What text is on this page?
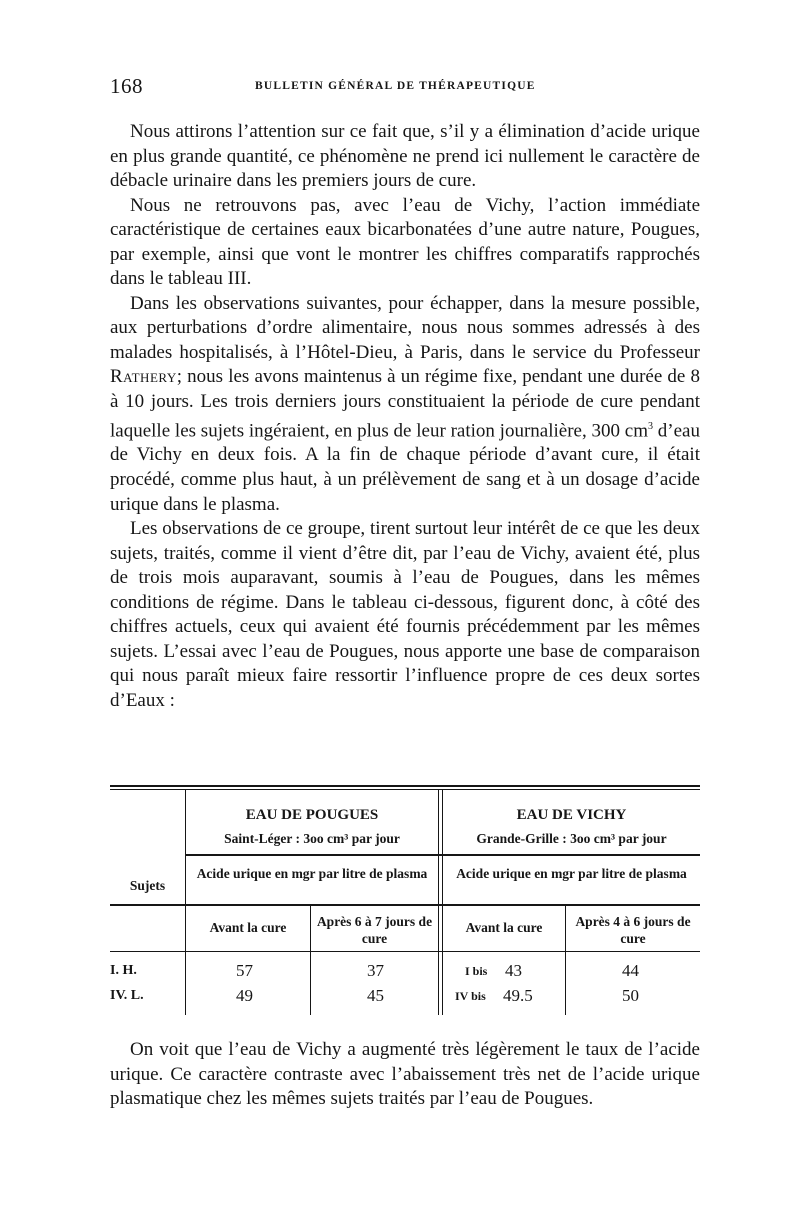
168	BULLETIN GÉNÉRAL DE THÉRAPEUTIQUE

Nous attirons l’attention sur ce fait que, s’il y a élimination d’acide urique en plus grande quantité, ce phénomène ne prend ici nullement le caractère de débacle urinaire dans les premiers jours de cure.

Nous ne retrouvons pas, avec l’eau de Vichy, l’action immédiate caractéristique de certaines eaux bicarbonatées d’une autre nature, Pougues, par exemple, ainsi que vont le montrer les chiffres comparatifs rapprochés dans le tableau III.

Dans les observations suivantes, pour échapper, dans la mesure possible, aux perturbations d’ordre alimentaire, nous nous sommes adressés à des malades hospitalisés, à l’Hôtel-Dieu, à Paris, dans le service du Professeur Rathery; nous les avons maintenus à un régime fixe, pendant une durée de 8 à 10 jours. Les trois derniers jours constituaient la période de cure pendant laquelle les sujets ingéraient, en plus de leur ration journalière, 300 $cm^3$ d’eau de Vichy en deux fois. A la fin de chaque période d’avant cure, il était procédé, comme plus haut, à un prélèvement de sang et à un dosage d’acide urique dans le plasma.

Les observations de ce groupe, tirent surtout leur intérêt de ce que les deux sujets, traités, comme il vient d’être dit, par l’eau de Vichy, avaient été, plus de trois mois auparavant, soumis à l’eau de Pougues, dans les mêmes conditions de régime. Dans le tableau ci-dessous, figurent donc, à côté des chiffres actuels, ceux qui avaient été fournis précédemment par les mêmes sujets. L’essai avec l’eau de Pougues, nous apporte une base de comparaison qui nous paraît mieux faire ressortir l’influence propre de ces deux sortes d’Eaux :

Sujets
EAU DE POUGUES
Saint-Léger : 3oo cm³ par jour
Acide urique en mgr par litre de plasma
Avant la cure	Après 6 à 7 jours de cure
EAU DE VICHY
Grande-Grille : 3oo cm³ par jour
Acide urique en mgr par litre de plasma
Avant la cure	Après 4 à 6 jours de cure
I. H.	57	37	I bis 43	44
IV. L.	49	45	IV bis 49.5	50

On voit que l’eau de Vichy a augmenté très légèrement le taux de l’acide urique. Ce caractère contraste avec l’abaissement très net de l’acide urique plasmatique chez les mêmes sujets traités par l’eau de Pougues.
